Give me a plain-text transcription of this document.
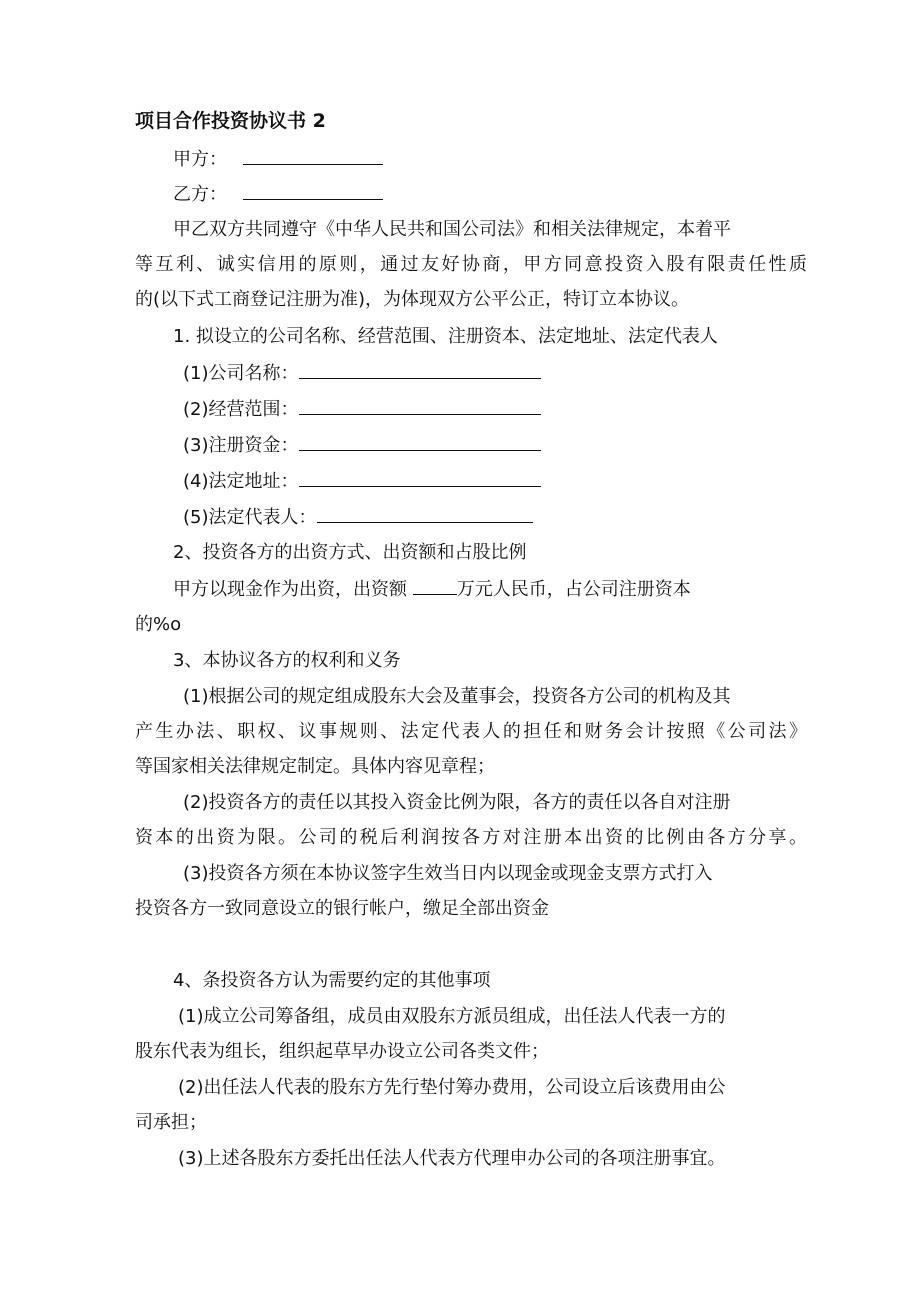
项目合作投资协议书 2
甲方：
乙方：
甲乙双方共同遵守《中华人民共和国公司法》和相关法律规定，本着平
等互利、诚实信用的原则，通过友好协商，甲方同意投资入股有限责任性质
的(以下式工商登记注册为准)，为体现双方公平公正，特订立本协议。
1. 拟设立的公司名称、经营范围、注册资本、法定地址、法定代表人
(1)公司名称：
(2)经营范围：
(3)注册资金：
(4)法定地址：
(5)法定代表人：
2、投资各方的出资方式、出资额和占股比例
甲方以现金作为出资，出资额 万元人民币，占公司注册资本
的%o
3、本协议各方的权利和义务
(1)根据公司的规定组成股东大会及董事会，投资各方公司的机构及其
产生办法、职权、议事规则、法定代表人的担任和财务会计按照《公司法》
等国家相关法律规定制定。具体内容见章程；
(2)投资各方的责任以其投入资金比例为限，各方的责任以各自对注册
资本的出资为限。公司的税后利润按各方对注册本出资的比例由各方分享。
(3)投资各方须在本协议签字生效当日内以现金或现金支票方式打入
投资各方一致同意设立的银行帐户，缴足全部出资金
4、条投资各方认为需要约定的其他事项
(1)成立公司筹备组，成员由双股东方派员组成，出任法人代表一方的
股东代表为组长，组织起草早办设立公司各类文件；
(2)出任法人代表的股东方先行垫付筹办费用，公司设立后该费用由公
司承担；
(3)上述各股东方委托出任法人代表方代理申办公司的各项注册事宜。
